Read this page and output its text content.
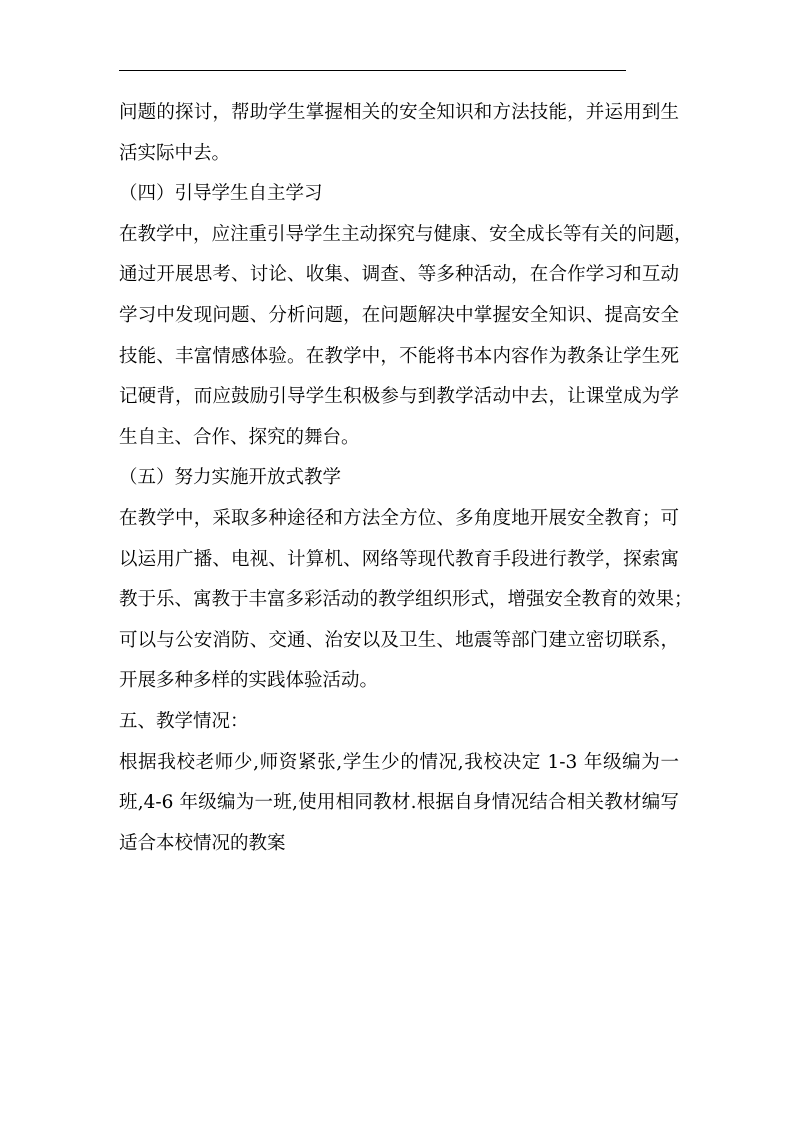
问题的探讨，帮助学生掌握相关的安全知识和方法技能，并运用到生
活实际中去。
（四）引导学生自主学习
在教学中，应注重引导学生主动探究与健康、安全成长等有关的问题，
通过开展思考、讨论、收集、调查、等多种活动，在合作学习和互动
学习中发现问题、分析问题，在问题解决中掌握安全知识、提高安全
技能、丰富情感体验。在教学中，不能将书本内容作为教条让学生死
记硬背，而应鼓励引导学生积极参与到教学活动中去，让课堂成为学
生自主、合作、探究的舞台。
（五）努力实施开放式教学
在教学中，采取多种途径和方法全方位、多角度地开展安全教育；可
以运用广播、电视、计算机、网络等现代教育手段进行教学，探索寓
教于乐、寓教于丰富多彩活动的教学组织形式，增强安全教育的效果；
可以与公安消防、交通、治安以及卫生、地震等部门建立密切联系，
开展多种多样的实践体验活动。
五、教学情况：
根据我校老师少,师资紧张,学生少的情况,我校决定 1-3 年级编为一
班,4-6 年级编为一班,使用相同教材.根据自身情况结合相关教材编写
适合本校情况的教案
